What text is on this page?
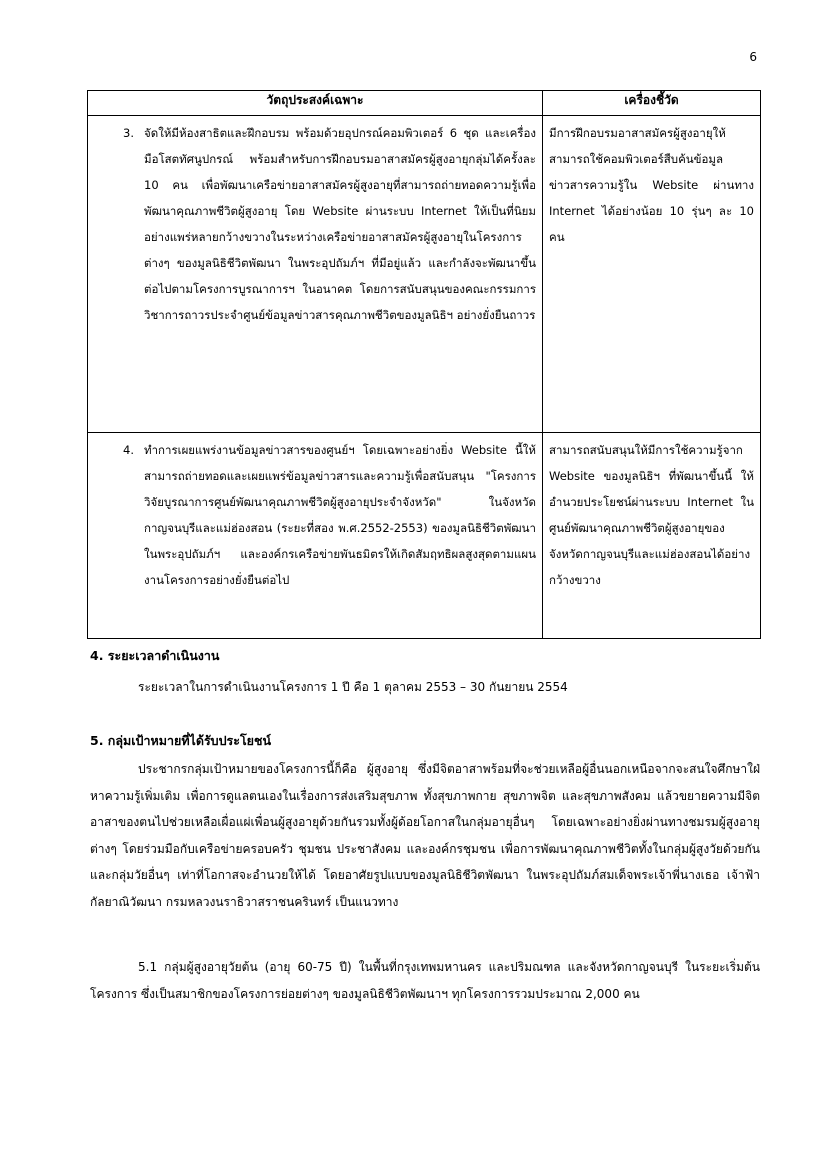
6
วัตถุประสงค์เฉพาะ	เครื่องชี้วัด

3. จัดให้มีห้องสาธิตและฝึกอบรม พร้อมด้วยอุปกรณ์คอมพิวเตอร์ 6 ชุด และเครื่องมือโสตทัศนูปกรณ์ พร้อมสำหรับการฝึกอบรมอาสาสมัครผู้สูงอายุกลุ่มได้ครั้งละ 10 คน เพื่อพัฒนาเครือข่ายอาสาสมัครผู้สูงอายุที่สามารถถ่ายทอดความรู้เพื่อพัฒนาคุณภาพชีวิตผู้สูงอายุ โดย Website ผ่านระบบ Internet ให้เป็นที่นิยมอย่างแพร่หลายกว้างขวางในระหว่างเครือข่ายอาสาสมัครผู้สูงอายุในโครงการต่างๆ ของมูลนิธิชีวิตพัฒนา ในพระอุปถัมภ์ฯ ที่มีอยู่แล้ว และกำลังจะพัฒนาขึ้นต่อไปตามโครงการบูรณาการฯ ในอนาคต โดยการสนับสนุนของคณะกรรมการวิชาการถาวรประจำศูนย์ข้อมูลข่าวสารคุณภาพชีวิตของมูลนิธิฯ อย่างยั่งยืนถาวร	มีการฝึกอบรมอาสาสมัครผู้สูงอายุให้สามารถใช้คอมพิวเตอร์สืบค้นข้อมูลข่าวสารความรู้ใน Website ผ่านทาง Internet ได้อย่างน้อย 10 รุ่นๆ ละ 10 คน

4. ทำการเผยแพร่งานข้อมูลข่าวสารของศูนย์ฯ โดยเฉพาะอย่างยิ่ง Website นี้ให้สามารถถ่ายทอดและเผยแพร่ข้อมูลข่าวสารและความรู้เพื่อสนับสนุน "โครงการวิจัยบูรณาการศูนย์พัฒนาคุณภาพชีวิตผู้สูงอายุประจำจังหวัด" ในจังหวัดกาญจนบุรีและแม่ฮ่องสอน (ระยะที่สอง พ.ศ.2552-2553) ของมูลนิธิชีวิตพัฒนา ในพระอุปถัมภ์ฯ และองค์กรเครือข่ายพันธมิตรให้เกิดสัมฤทธิผลสูงสุดตามแผนงานโครงการอย่างยั่งยืนต่อไป	สามารถสนับสนุนให้มีการใช้ความรู้จาก Website ของมูลนิธิฯ ที่พัฒนาขึ้นนี้ ให้อำนวยประโยชน์ผ่านระบบ Internet ในศูนย์พัฒนาคุณภาพชีวิตผู้สูงอายุของจังหวัดกาญจนบุรีและแม่ฮ่องสอนได้อย่างกว้างขวาง
4. ระยะเวลาดำเนินงาน

ระยะเวลาในการดำเนินงานโครงการ 1 ปี คือ 1 ตุลาคม 2553 – 30 กันยายน 2554

5. กลุ่มเป้าหมายที่ได้รับประโยชน์

ประชากรกลุ่มเป้าหมายของโครงการนี้ก็คือ ผู้สูงอายุ ซึ่งมีจิตอาสาพร้อมที่จะช่วยเหลือผู้อื่นนอกเหนือจากจะสนใจศึกษาใฝ่หาความรู้เพิ่มเติม เพื่อการดูแลตนเองในเรื่องการส่งเสริมสุขภาพ ทั้งสุขภาพกาย สุขภาพจิต และสุขภาพสังคม แล้วขยายความมีจิตอาสาของตนไปช่วยเหลือเผื่อแผ่เพื่อนผู้สูงอายุด้วยกันรวมทั้งผู้ด้อยโอกาสในกลุ่มอายุอื่นๆ โดยเฉพาะอย่างยิ่งผ่านทางชมรมผู้สูงอายุต่างๆ โดยร่วมมือกับเครือข่ายครอบครัว ชุมชน ประชาสังคม และองค์กรชุมชน เพื่อการพัฒนาคุณภาพชีวิตทั้งในกลุ่มผู้สูงวัยด้วยกันและกลุ่มวัยอื่นๆ เท่าที่โอกาสจะอำนวยให้ได้ โดยอาศัยรูปแบบของมูลนิธิชีวิตพัฒนา ในพระอุปถัมภ์สมเด็จพระเจ้าพี่นางเธอ เจ้าฟ้ากัลยาณิวัฒนา กรมหลวงนราธิวาสราชนครินทร์ เป็นแนวทาง

5.1 กลุ่มผู้สูงอายุวัยต้น (อายุ 60-75 ปี) ในพื้นที่กรุงเทพมหานคร และปริมณฑล และจังหวัดกาญจนบุรี ในระยะเริ่มต้นโครงการ ซึ่งเป็นสมาชิกของโครงการย่อยต่างๆ ของมูลนิธิชีวิตพัฒนาฯ ทุกโครงการรวมประมาณ 2,000 คน
